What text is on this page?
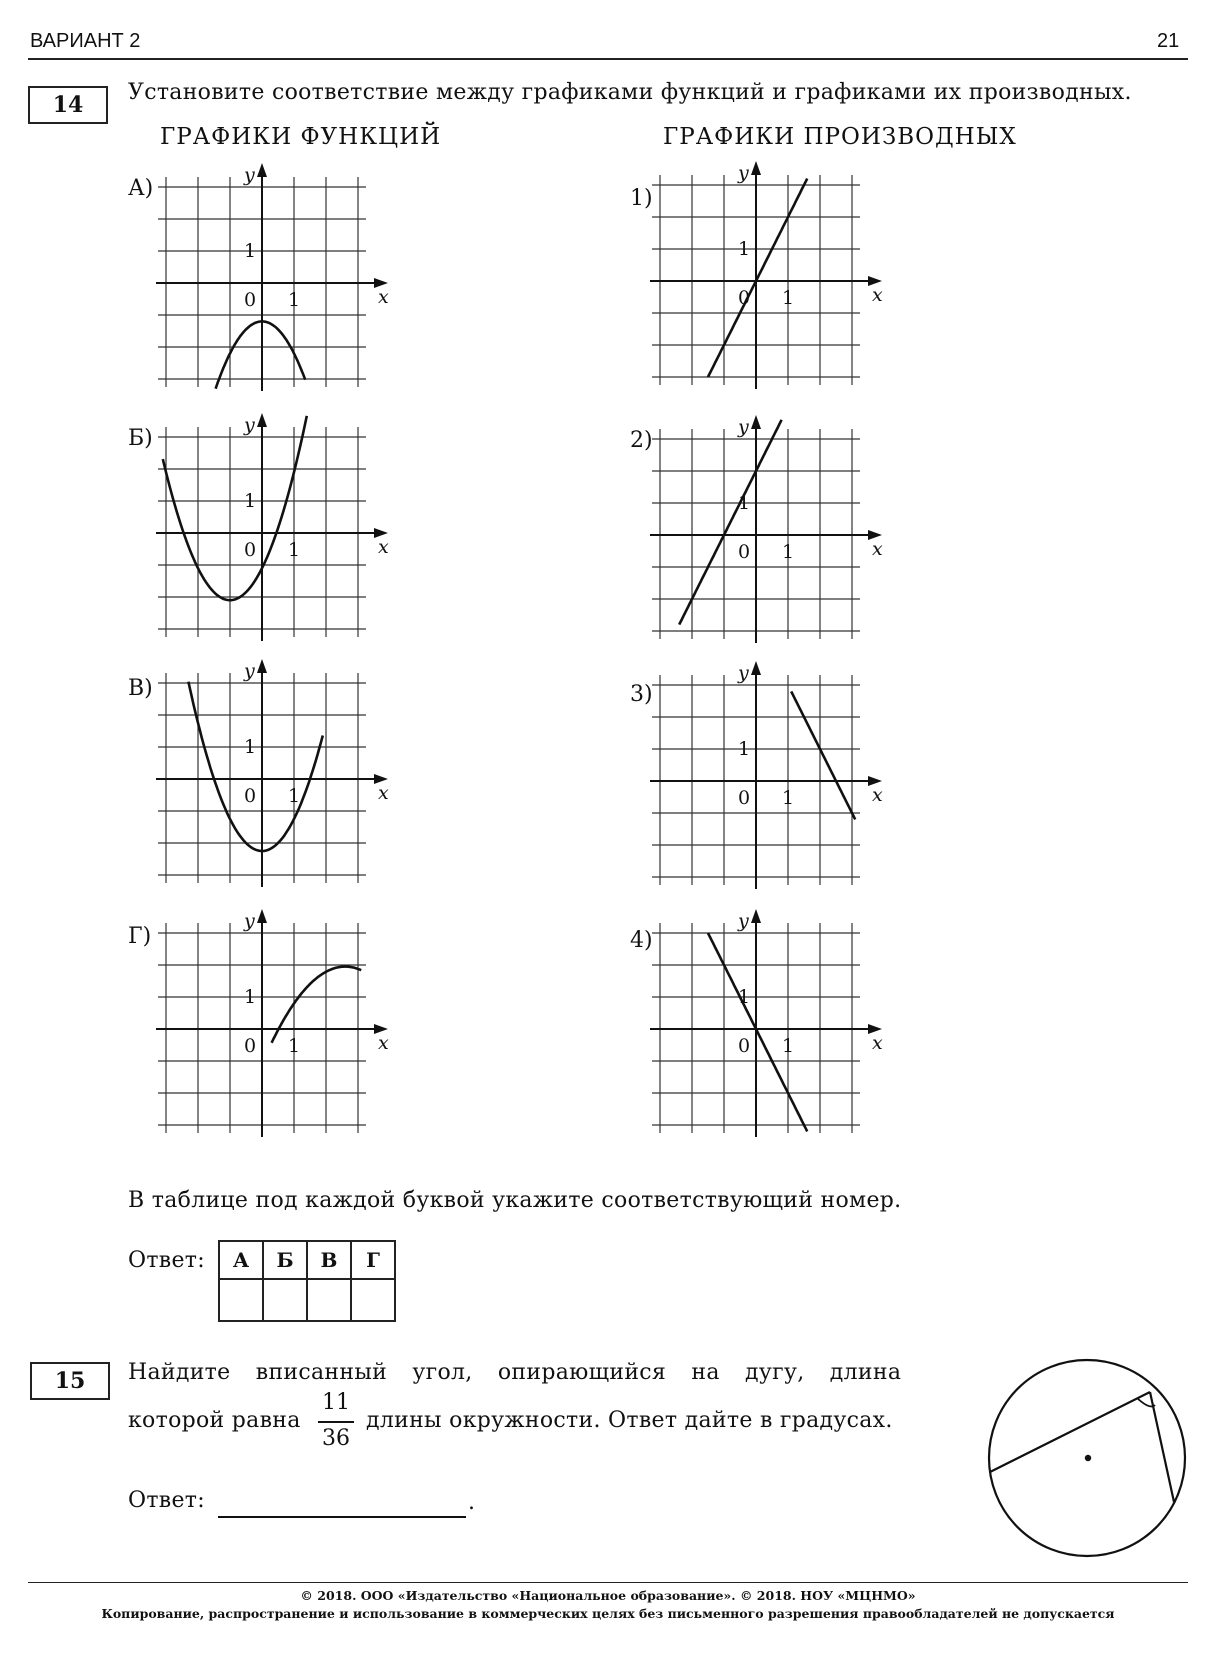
ВАРИАНТ 2	21
14	Установите соответствие между графиками функций и графиками их производных.
ГРАФИКИ ФУНКЦИЙ	ГРАФИКИ ПРОИЗВОДНЫХ
А)
Б)
В)
Г)
1)
2)
3)
4)
x
y
0 1
1
x
y
0 1
1
x
y
0 1
1
x
y
0 1
1
x
y
0 1
1
x
y
0 1
1
x
y
0 1
1
x
y
0 1
1
В таблице под каждой буквой укажите соответствующий номер.
Ответ: А	Б	В	Г

15	Найдите вписанный угол, опирающийся на дугу, длина
которой равна
11
36
длины окружности. Ответ дайте в градусах.
Ответ:	.
© 2018. ООО «Издательство «Национальное образование». © 2018. НОУ «МЦНМО»
Копирование, распространение и использование в коммерческих целях без письменного разрешения правообладателей не допускается
